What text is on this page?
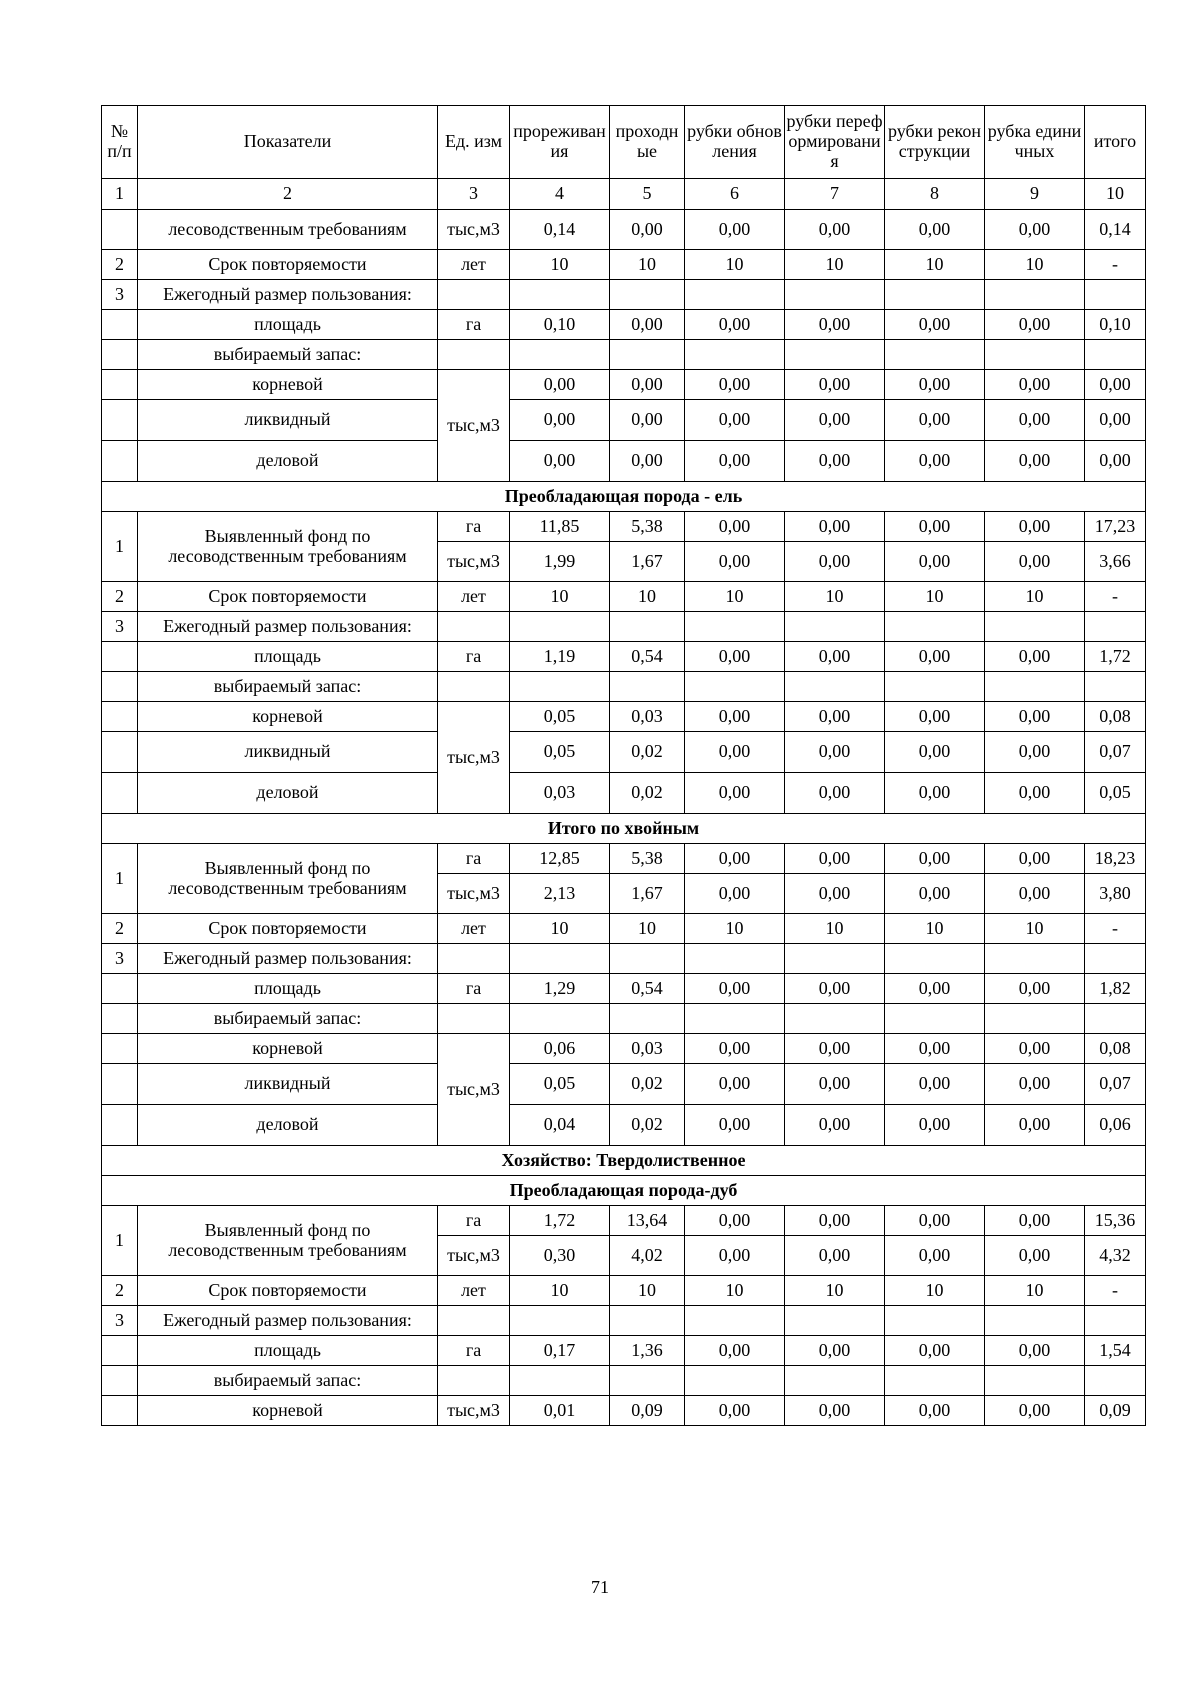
№ п/п	Показатели	Ед. изм	прореживания	проходные	рубки обновления	рубки переформирования	рубки реконструкции	рубка единичных	итого
1	2	3	4	5	6	7	8	9	10
	лесоводственным требованиям	тыс,м3	0,14	0,00	0,00	0,00	0,00	0,00	0,14
2	Срок повторяемости	лет	10	10	10	10	10	10	-
3	Ежегодный размер пользования:								
	площадь	га	0,10	0,00	0,00	0,00	0,00	0,00	0,10
	выбираемый запас:								
	корневой	тыс,м3	0,00	0,00	0,00	0,00	0,00	0,00	0,00
	ликвидный		0,00	0,00	0,00	0,00	0,00	0,00	0,00
	деловой		0,00	0,00	0,00	0,00	0,00	0,00	0,00
Преобладающая порода - ель									
1	Выявленный фонд по лесоводственным требованиям	га	11,85	5,38	0,00	0,00	0,00	0,00	17,23
		тыс,м3	1,99	1,67	0,00	0,00	0,00	0,00	3,66
2	Срок повторяемости	лет	10	10	10	10	10	10	-
3	Ежегодный размер пользования:								
	площадь	га	1,19	0,54	0,00	0,00	0,00	0,00	1,72
	выбираемый запас:								
	корневой	тыс,м3	0,05	0,03	0,00	0,00	0,00	0,00	0,08
	ликвидный		0,05	0,02	0,00	0,00	0,00	0,00	0,07
	деловой		0,03	0,02	0,00	0,00	0,00	0,00	0,05
Итого по хвойным									
1	Выявленный фонд по лесоводственным требованиям	га	12,85	5,38	0,00	0,00	0,00	0,00	18,23
		тыс,м3	2,13	1,67	0,00	0,00	0,00	0,00	3,80
2	Срок повторяемости	лет	10	10	10	10	10	10	-
3	Ежегодный размер пользования:								
	площадь	га	1,29	0,54	0,00	0,00	0,00	0,00	1,82
	выбираемый запас:								
	корневой	тыс,м3	0,06	0,03	0,00	0,00	0,00	0,00	0,08
	ликвидный		0,05	0,02	0,00	0,00	0,00	0,00	0,07
	деловой		0,04	0,02	0,00	0,00	0,00	0,00	0,06
Хозяйство: Твердолиственное									
Преобладающая порода-дуб									
1	Выявленный фонд по лесоводственным требованиям	га	1,72	13,64	0,00	0,00	0,00	0,00	15,36
		тыс,м3	0,30	4,02	0,00	0,00	0,00	0,00	4,32
2	Срок повторяемости	лет	10	10	10	10	10	10	-
3	Ежегодный размер пользования:								
	площадь	га	0,17	1,36	0,00	0,00	0,00	0,00	1,54
	выбираемый запас:								
	корневой	тыс,м3	0,01	0,09	0,00	0,00	0,00	0,00	0,09
71
